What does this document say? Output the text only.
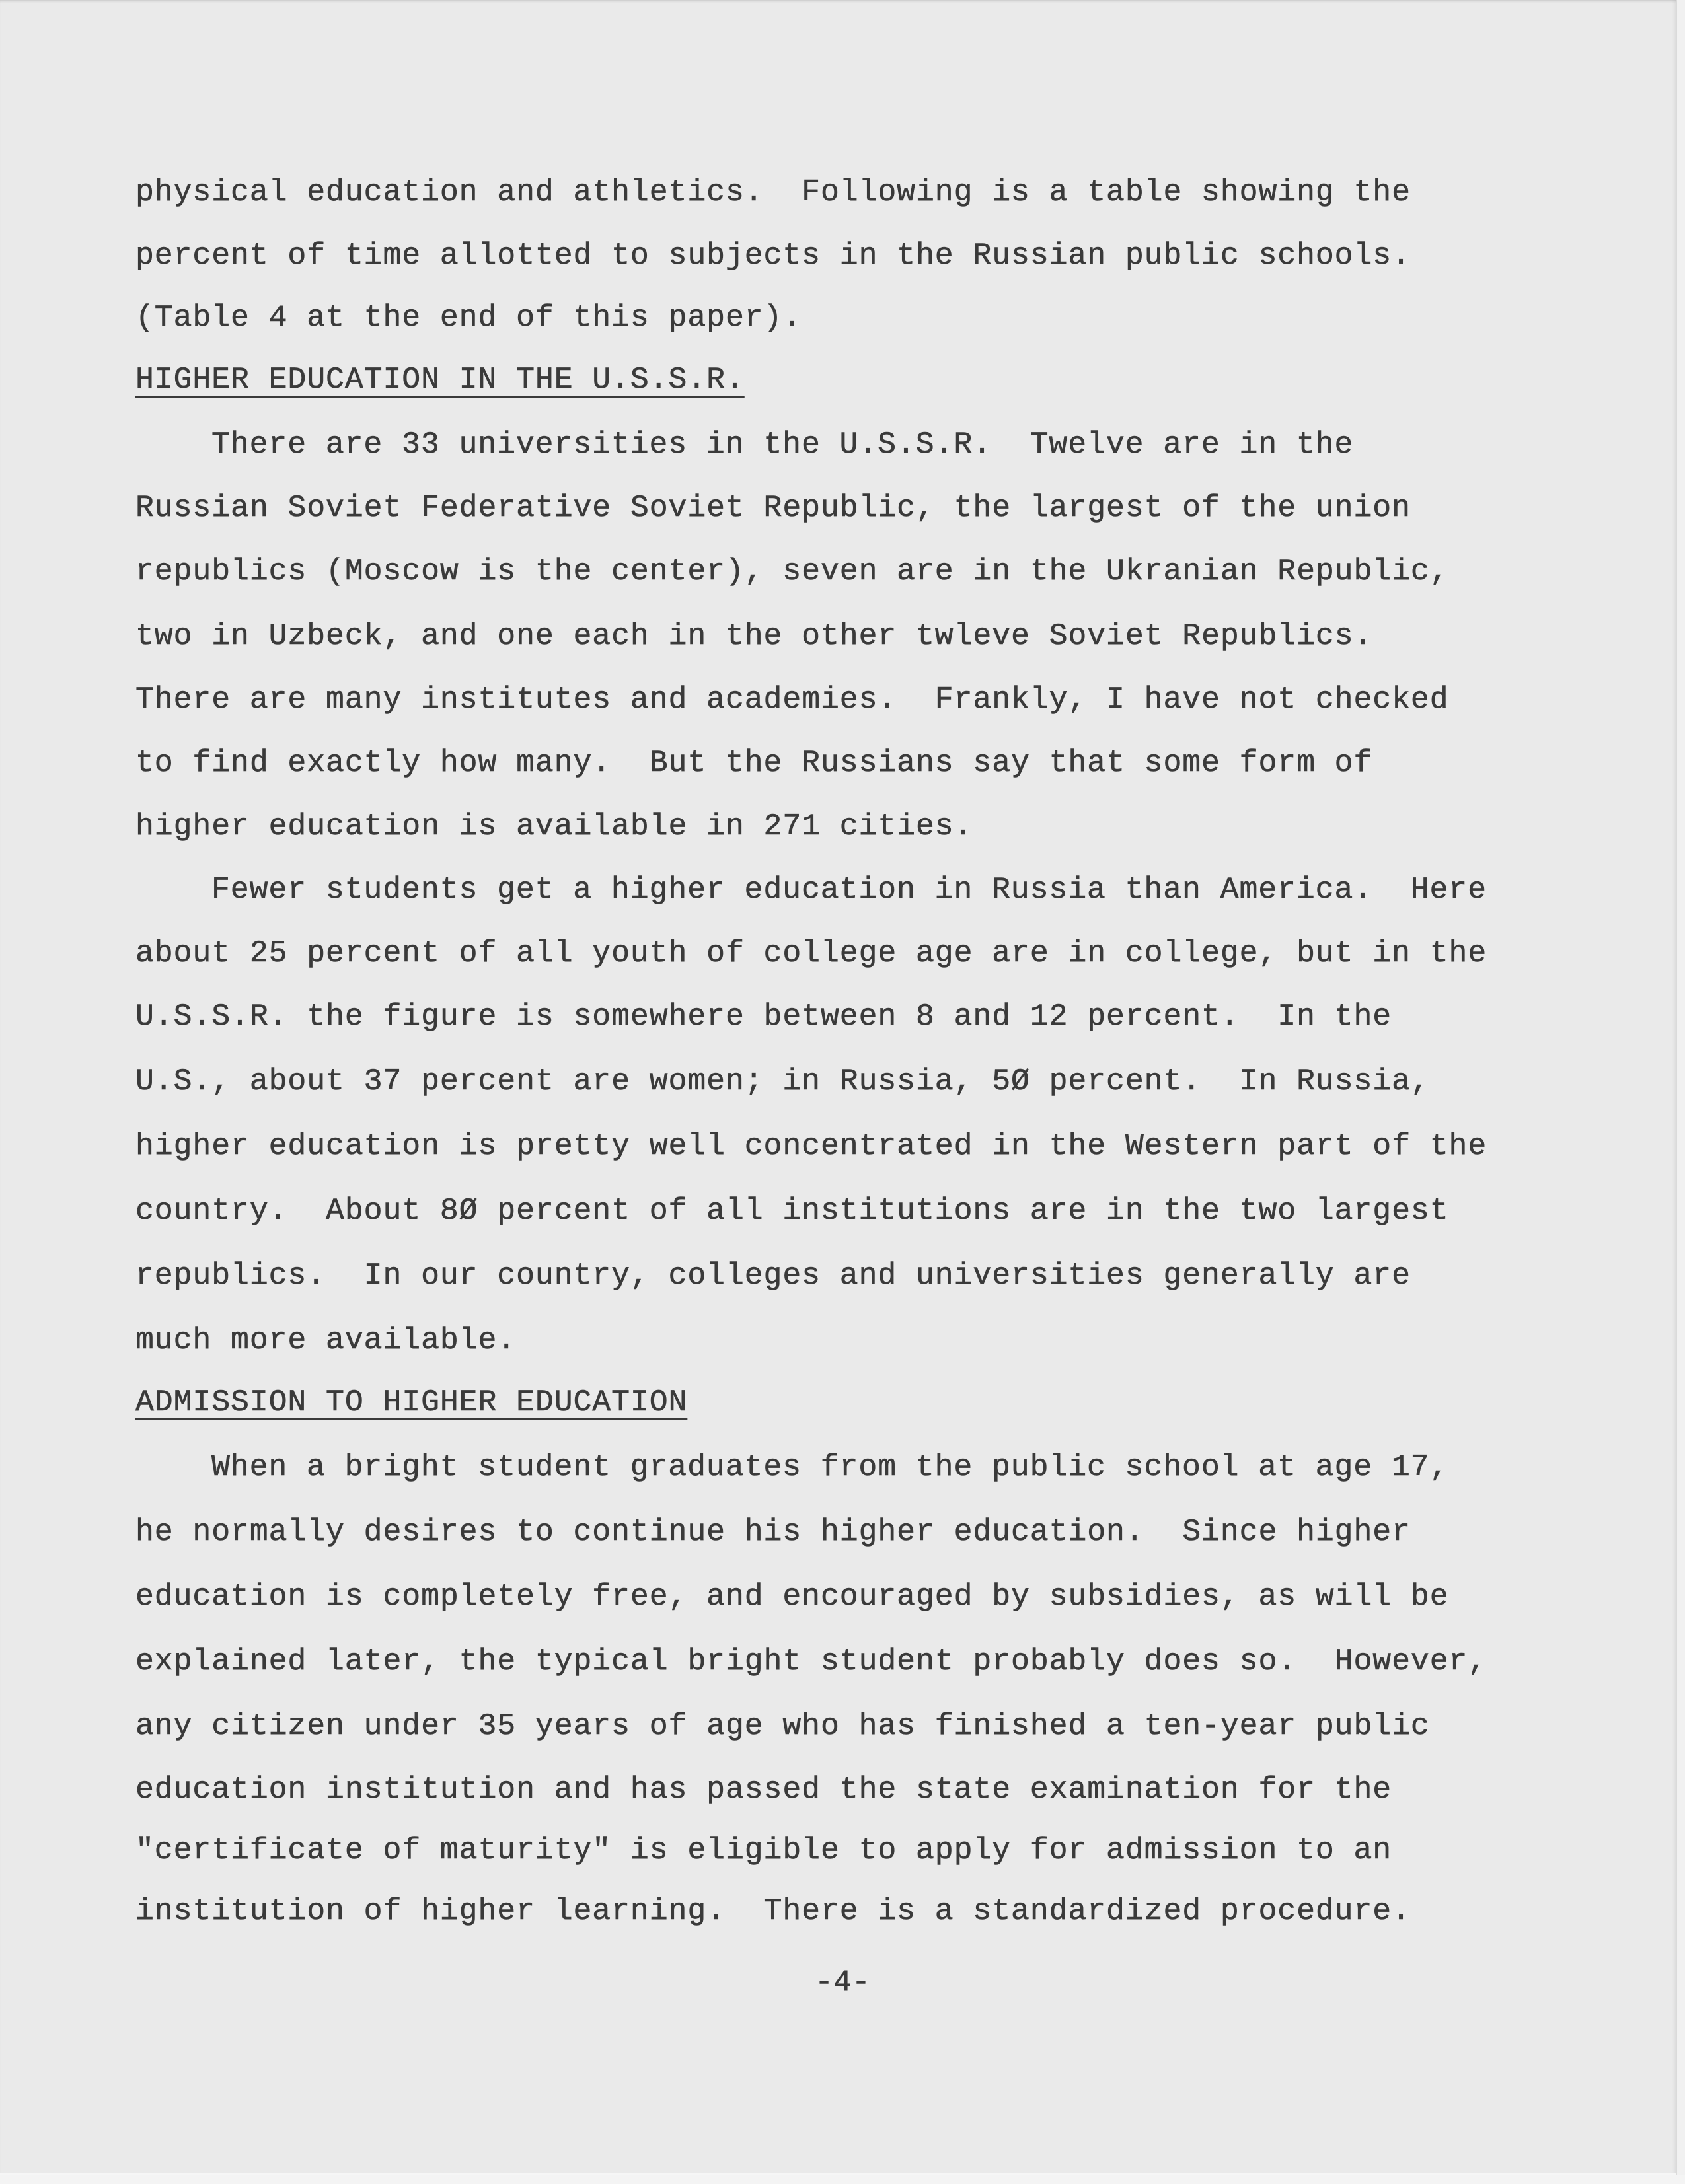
physical education and athletics.  Following is a table showing the
percent of time allotted to subjects in the Russian public schools.
(Table 4 at the end of this paper).
HIGHER EDUCATION IN THE U.S.S.R.
There are 33 universities in the U.S.S.R.  Twelve are in the
Russian Soviet Federative Soviet Republic, the largest of the union
republics (Moscow is the center), seven are in the Ukranian Republic,
two in Uzbeck, and one each in the other twleve Soviet Republics.
There are many institutes and academies.  Frankly, I have not checked
to find exactly how many.  But the Russians say that some form of
higher education is available in 271 cities.
Fewer students get a higher education in Russia than America.  Here
about 25 percent of all youth of college age are in college, but in the
U.S.S.R. the figure is somewhere between 8 and 12 percent.  In the
U.S., about 37 percent are women; in Russia, 5Ø percent.  In Russia,
higher education is pretty well concentrated in the Western part of the
country.  About 8Ø percent of all institutions are in the two largest
republics.  In our country, colleges and universities generally are
much more available.
ADMISSION TO HIGHER EDUCATION
When a bright student graduates from the public school at age 17,
he normally desires to continue his higher education.  Since higher
education is completely free, and encouraged by subsidies, as will be
explained later, the typical bright student probably does so.  However,
any citizen under 35 years of age who has finished a ten-year public
education institution and has passed the state examination for the
"certificate of maturity" is eligible to apply for admission to an
institution of higher learning.  There is a standardized procedure.
-4-
